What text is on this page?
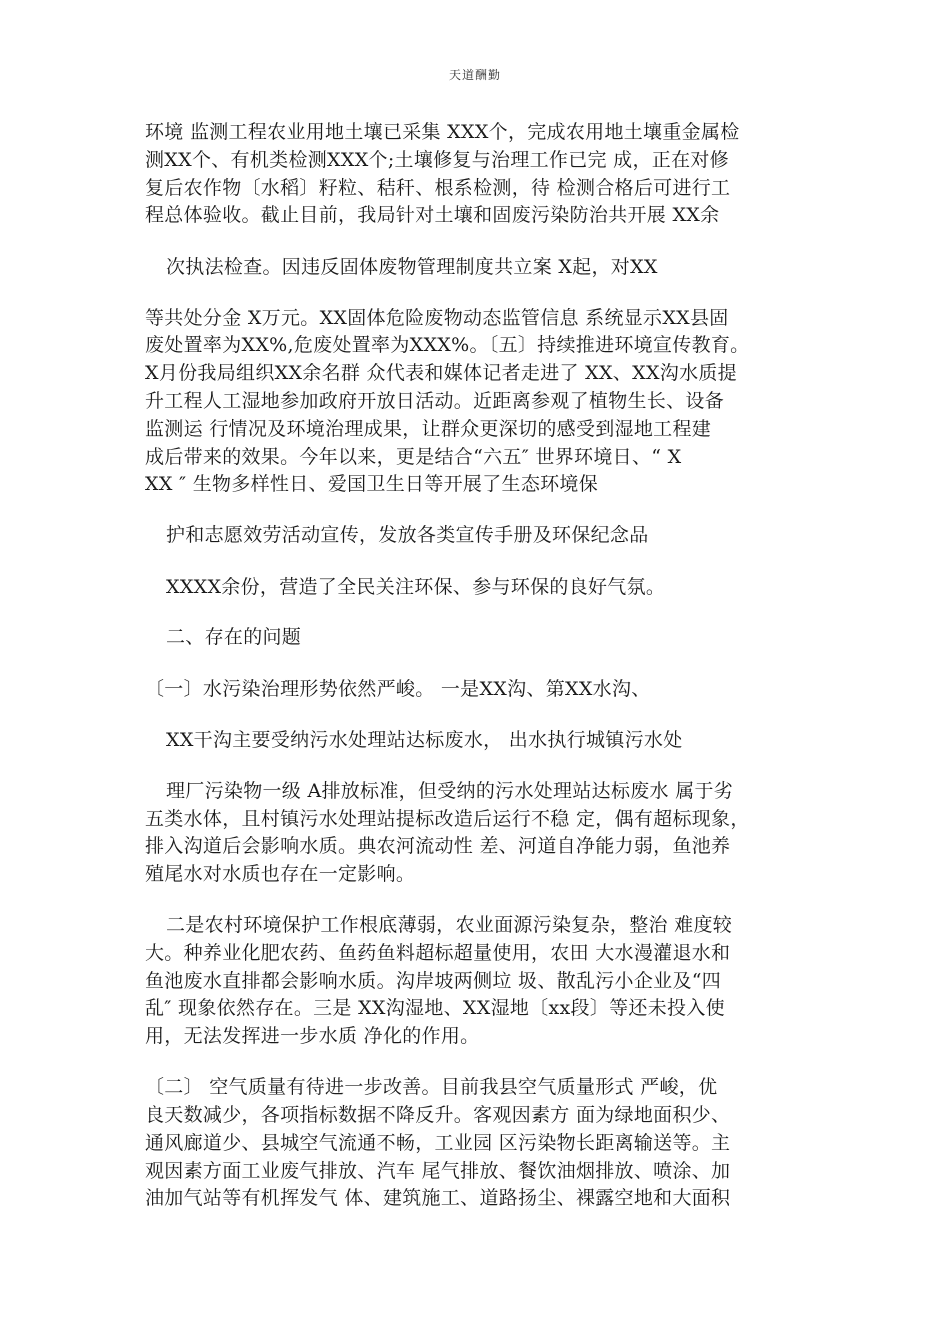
天道酬勤
环境 监测工程农业用地土壤已采集 XXX个，完成农用地土壤重金属检
测XX个、有机类检测XXX个;土壤修复与治理工作已完 成，正在对修
复后农作物〔水稻〕籽粒、秸秆、根系检测，待 检测合格后可进行工
程总体验收。截止目前，我局针对土壤和固废污染防治共开展 XX余
次执法检查。因违反固体废物管理制度共立案 X起，对XX
等共处分金 X万元。XX固体危险废物动态监管信息 系统显示XX县固
废处置率为XX%,危废处置率为XXX%。〔五〕持续推进环境宣传教育。
X月份我局组织XX余名群 众代表和媒体记者走进了 XX、XX沟水质提
升工程人工湿地参加政府开放日活动。近距离参观了植物生长、设备
监测运 行情况及环境治理成果，让群众更深切的感受到湿地工程建
成后带来的效果。今年以来，更是结合“六五″ 世界环境日、“ X
XX ″ 生物多样性日、爱国卫生日等开展了生态环境保
护和志愿效劳活动宣传，发放各类宣传手册及环保纪念品
XXXX余份，营造了全民关注环保、参与环保的良好气氛。
二、存在的问题
〔一〕水污染治理形势依然严峻。 一是XX沟、第XX水沟、
XX干沟主要受纳污水处理站达标废水， 出水执行城镇污水处
理厂污染物一级 A排放标准，但受纳的污水处理站达标废水 属于劣
五类水体，且村镇污水处理站提标改造后运行不稳 定，偶有超标现象，
排入沟道后会影响水质。典农河流动性 差、河道自净能力弱，鱼池养
殖尾水对水质也存在一定影响。
二是农村环境保护工作根底薄弱，农业面源污染复杂，整治 难度较
大。种养业化肥农药、鱼药鱼料超标超量使用，农田 大水漫灌退水和
鱼池废水直排都会影响水质。沟岸坡两侧垃 圾、散乱污小企业及“四
乱″ 现象依然存在。三是 XX沟湿地、XX湿地〔xx段〕等还未投入使
用，无法发挥进一步水质 净化的作用。
〔二〕 空气质量有待进一步改善。目前我县空气质量形式 严峻，优
良天数减少，各项指标数据不降反升。客观因素方 面为绿地面积少、
通风廊道少、县城空气流通不畅，工业园 区污染物长距离输送等。主
观因素方面工业废气排放、汽车 尾气排放、餐饮油烟排放、喷涂、加
油加气站等有机挥发气 体、建筑施工、道路扬尘、裸露空地和大面积
